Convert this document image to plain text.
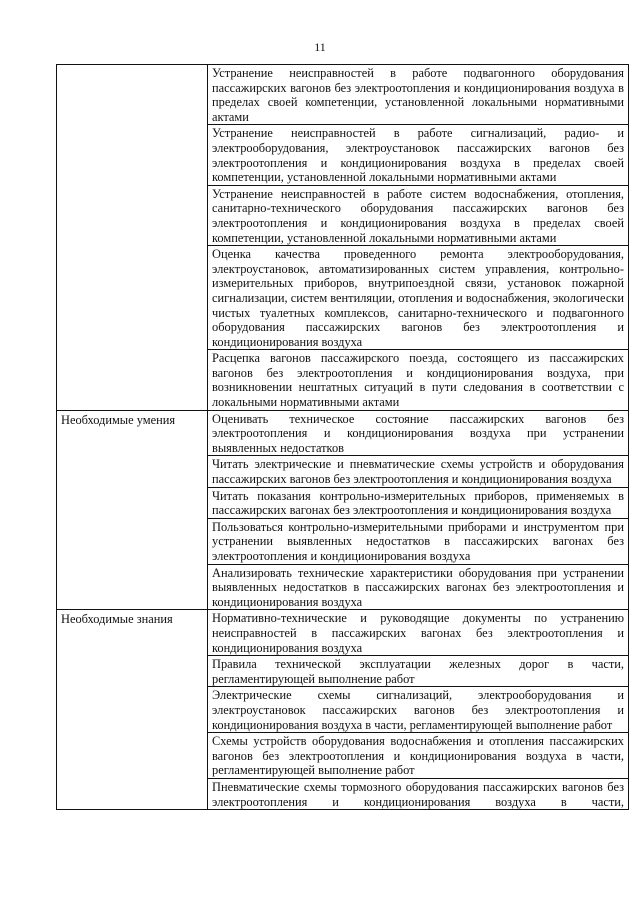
11

	Устранение неисправностей в работе подвагонного оборудования пассажирских вагонов без электроотопления и кондиционирования воздуха в пределах своей компетенции, установленной локальными нормативными актами
Устранение неисправностей в работе сигнализаций, радио- и электрооборудования, электроустановок пассажирских вагонов без электроотопления и кондиционирования воздуха в пределах своей компетенции, установленной локальными нормативными актами
Устранение неисправностей в работе систем водоснабжения, отопления, санитарно-технического оборудования пассажирских вагонов без электроотопления и кондиционирования воздуха в пределах своей компетенции, установленной локальными нормативными актами
Оценка качества проведенного ремонта электрооборудования, электроустановок, автоматизированных систем управления, контрольно-измерительных приборов, внутрипоездной связи, установок пожарной сигнализации, систем вентиляции, отопления и водоснабжения, экологически чистых туалетных комплексов, санитарно-технического и подвагонного оборудования пассажирских вагонов без электроотопления и кондиционирования воздуха
Расцепка вагонов пассажирского поезда, состоящего из пассажирских вагонов без электроотопления и кондиционирования воздуха, при возникновении нештатных ситуаций в пути следования в соответствии с локальными нормативными актами

Необходимые умения	Оценивать техническое состояние пассажирских вагонов без электроотопления и кондиционирования воздуха при устранении выявленных недостатков
Читать электрические и пневматические схемы устройств и оборудования пассажирских вагонов без электроотопления и кондиционирования воздуха
Читать показания контрольно-измерительных приборов, применяемых в пассажирских вагонах без электроотопления и кондиционирования воздуха
Пользоваться контрольно-измерительными приборами и инструментом при устранении выявленных недостатков в пассажирских вагонах без электроотопления и кондиционирования воздуха
Анализировать технические характеристики оборудования при устранении выявленных недостатков в пассажирских вагонах без электроотопления и кондиционирования воздуха

Необходимые знания	Нормативно-технические и руководящие документы по устранению неисправностей в пассажирских вагонах без электроотопления и кондиционирования воздуха
Правила технической эксплуатации железных дорог в части, регламентирующей выполнение работ
Электрические схемы сигнализаций, электрооборудования и электроустановок пассажирских вагонов без электроотопления и кондиционирования воздуха в части, регламентирующей выполнение работ
Схемы устройств оборудования водоснабжения и отопления пассажирских вагонов без электроотопления и кондиционирования воздуха в части, регламентирующей выполнение работ
Пневматические схемы тормозного оборудования пассажирских вагонов без электроотопления и кондиционирования воздуха в части,
